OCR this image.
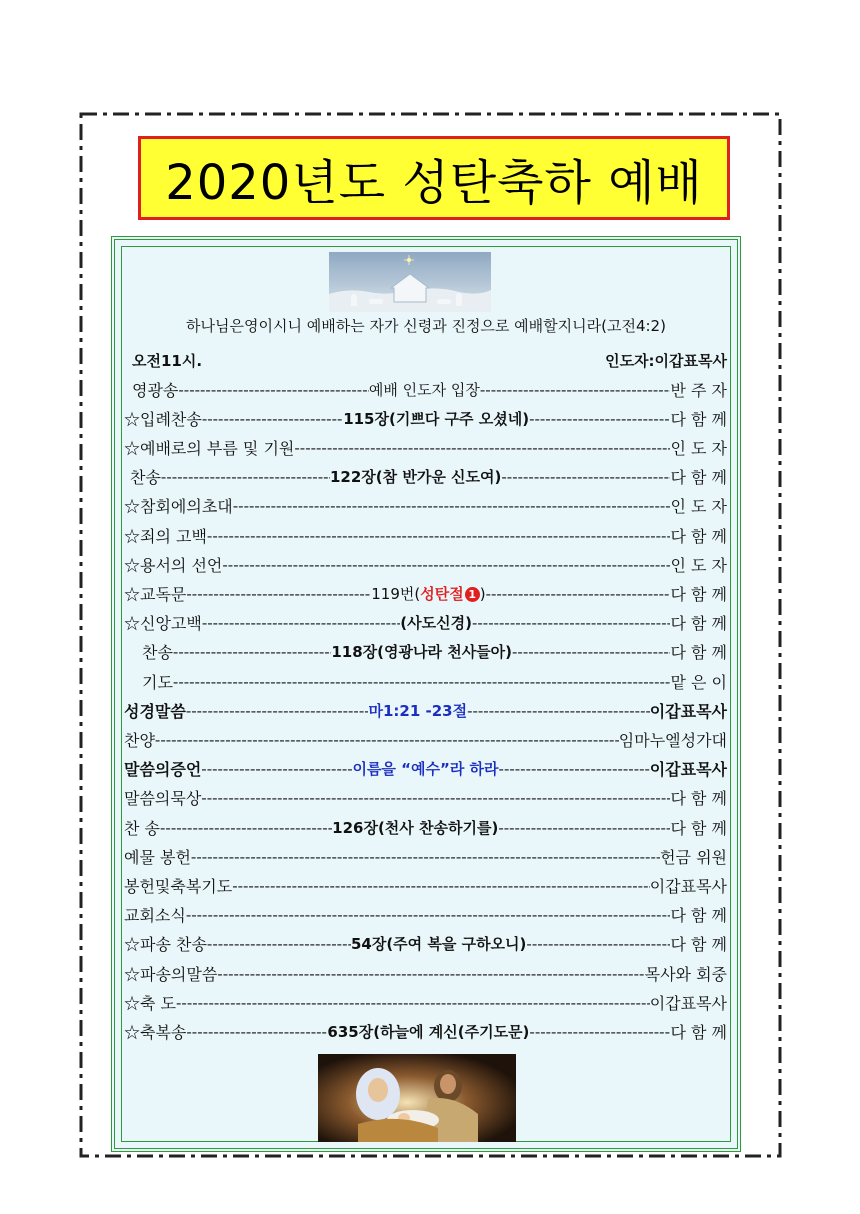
2020년도 성탄축하 예배
하나님은영이시니 예배하는 자가 신령과 진정으로 예배할지니라(고전4:2)
오전11시.	인도자:이갑표목사
영광송 -----	예배 인도자 입장 -----	반 주 자
☆입례찬송 -----	115장(기쁘다 구주 오셨네) -----	다 함 께
☆예배로의 부름 및 기원 -----	인 도 자
찬송 -----	122장(참 반가운 신도여) -----	다 함 께
☆참회에의초대 -----	인 도 자
☆죄의 고백 -----	다 함 께
☆용서의 선언 -----	인 도 자
☆교독문 -----	119번(성탄절 1 ) -----	다 함 께
☆신앙고백 -----	(사도신경) -----	다 함 께
찬송 -----	118장(영광나라 천사들아) -----	다 함 께
기도 -----	맡 은 이
성경말씀 -----	마1:21 -23절 -----	이갑표목사
찬양 -----	임마누엘성가대
말씀의증언 -----	이름을 “예수”라 하라 -----	이갑표목사
말씀의묵상 -----	다 함 께
찬 송 -----	126장(천사 찬송하기를) -----	다 함 께
예물 봉헌 -----	헌금 위원
봉헌및축복기도 -----	이갑표목사
교회소식 -----	다 함 께
☆파송 찬송 -----	54장(주여 복을 구하오니) -----	다 함 께
☆파송의말씀 -----	목사와 회중
☆축 도 -----	이갑표목사
☆축복송 -----	635장(하늘에 계신(주기도문) -----	다 함 께
